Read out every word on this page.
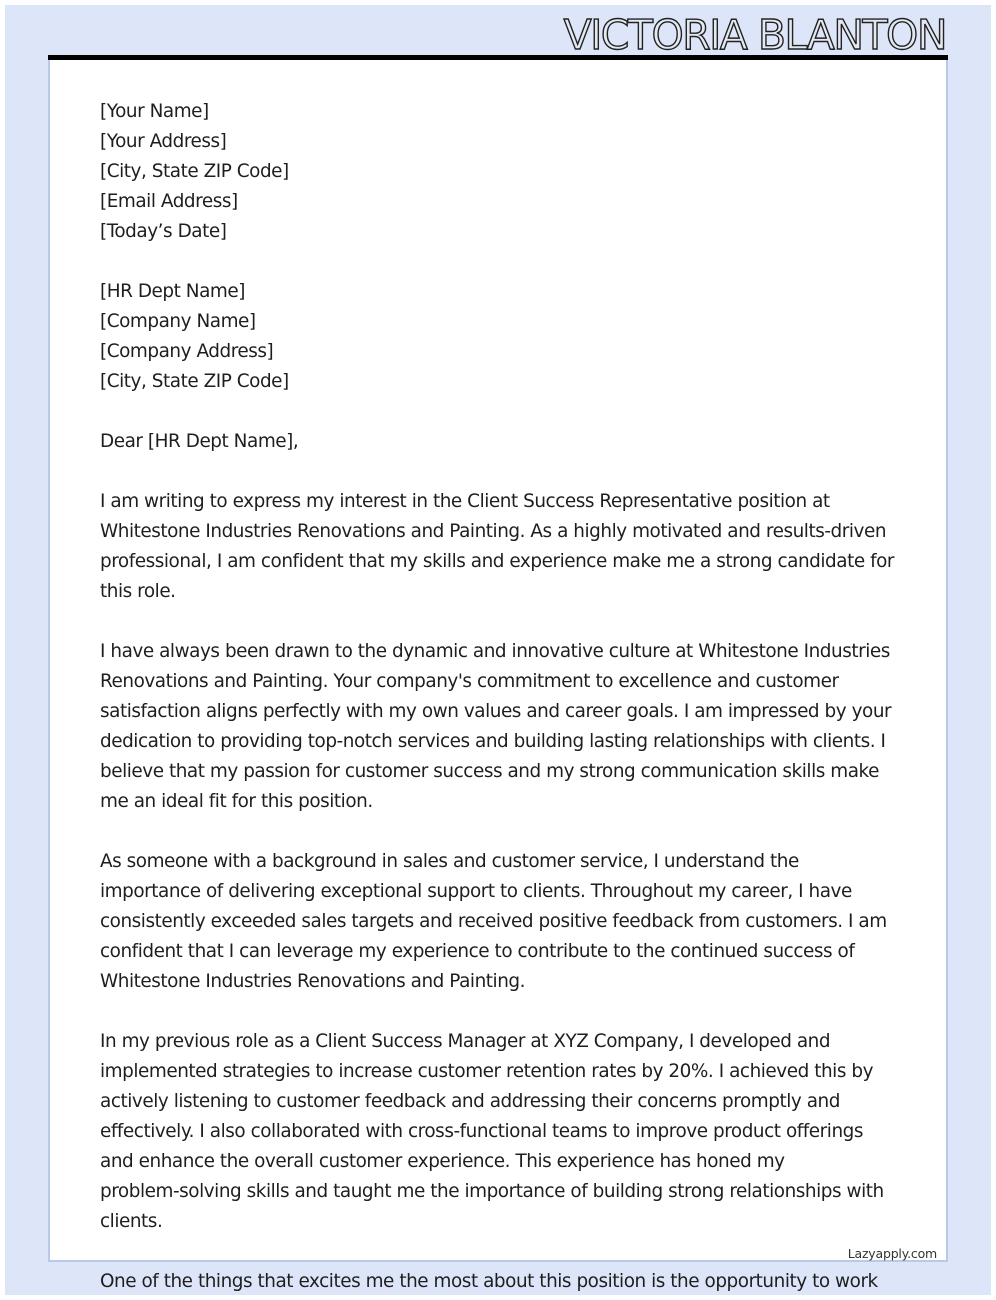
VICTORIA BLANTON
[Your Name]
[Your Address]
[City, State ZIP Code]
[Email Address]
[Today’s Date]
[HR Dept Name]
[Company Name]
[Company Address]
[City, State ZIP Code]
Dear [HR Dept Name],

I am writing to express my interest in the Client Success Representative position at
Whitestone Industries Renovations and Painting. As a highly motivated and results-driven
professional, I am confident that my skills and experience make me a strong candidate for
this role.

I have always been drawn to the dynamic and innovative culture at Whitestone Industries
Renovations and Painting. Your company's commitment to excellence and customer
satisfaction aligns perfectly with my own values and career goals. I am impressed by your
dedication to providing top-notch services and building lasting relationships with clients. I
believe that my passion for customer success and my strong communication skills make
me an ideal fit for this position.

As someone with a background in sales and customer service, I understand the
importance of delivering exceptional support to clients. Throughout my career, I have
consistently exceeded sales targets and received positive feedback from customers. I am
confident that I can leverage my experience to contribute to the continued success of
Whitestone Industries Renovations and Painting.

In my previous role as a Client Success Manager at XYZ Company, I developed and
implemented strategies to increase customer retention rates by 20%. I achieved this by
actively listening to customer feedback and addressing their concerns promptly and
effectively. I also collaborated with cross-functional teams to improve product offerings
and enhance the overall customer experience. This experience has honed my
problem-solving skills and taught me the importance of building strong relationships with
clients.

One of the things that excites me the most about this position is the opportunity to work

Lazyapply.com
